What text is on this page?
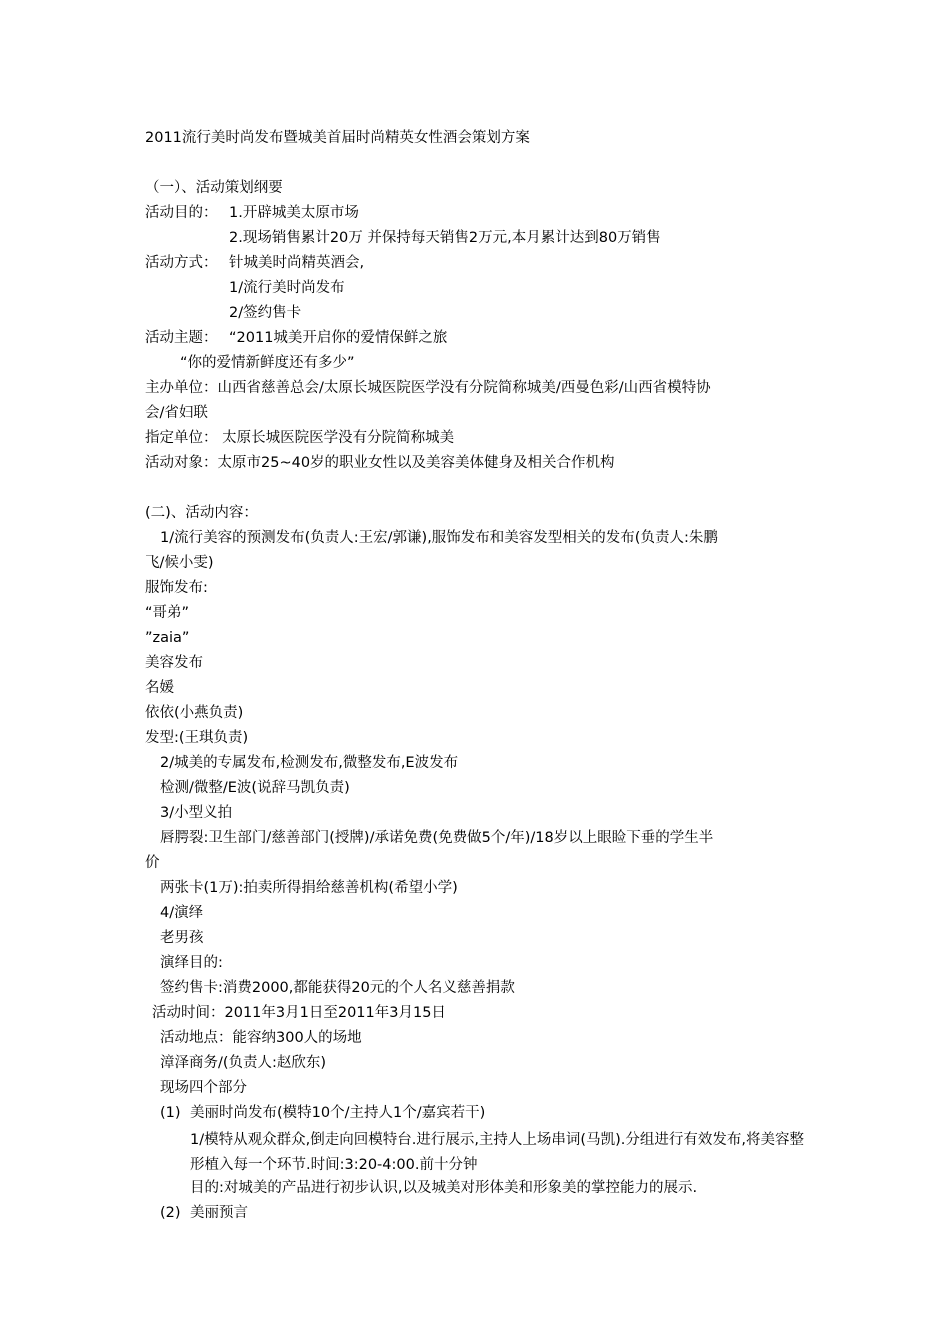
2011流行美时尚发布暨城美首届时尚精英女性酒会策划方案
（一）、活动策划纲要
活动目的： 1.开辟城美太原市场
2.现场销售累计20万 并保持每天销售2万元,本月累计达到80万销售
活动方式： 针城美时尚精英酒会,
1/流行美时尚发布
2/签约售卡
活动主题： “2011城美开启你的爱情保鲜之旅
“你的爱情新鲜度还有多少”
主办单位：山西省慈善总会/太原长城医院医学没有分院简称城美/西曼色彩/山西省模特协
会/省妇联
指定单位： 太原长城医院医学没有分院简称城美
活动对象：太原市25~40岁的职业女性以及美容美体健身及相关合作机构
(二)、活动内容：
1/流行美容的预测发布(负责人:王宏/郭谦),服饰发布和美容发型相关的发布(负责人:朱鹏
飞/候小雯)
服饰发布:
“哥弟”
”zaia”
美容发布
名媛
依依(小燕负责)
发型:(王琪负责)
2/城美的专属发布,检测发布,微整发布,E波发布
检测/微整/E波(说辞马凯负责)
3/小型义拍
唇腭裂:卫生部门/慈善部门(授牌)/承诺免费(免费做5个/年)/18岁以上眼睑下垂的学生半
价
两张卡(1万):拍卖所得捐给慈善机构(希望小学)
4/演绎
老男孩
演绎目的:
签约售卡:消费2000,都能获得20元的个人名义慈善捐款
活动时间：2011年3月1日至2011年3月15日
活动地点：能容纳300人的场地
漳泽商务/(负责人:赵欣东)
现场四个部分
(1) 美丽时尚发布(模特10个/主持人1个/嘉宾若干)
1/模特从观众群众,倒走向回模特台.进行展示,主持人上场串词(马凯).分组进行有效发布,将美容整形植入每一个环节.时间:3:20-4:00.前十分钟
目的:对城美的产品进行初步认识,以及城美对形体美和形象美的掌控能力的展示.
(2) 美丽预言
